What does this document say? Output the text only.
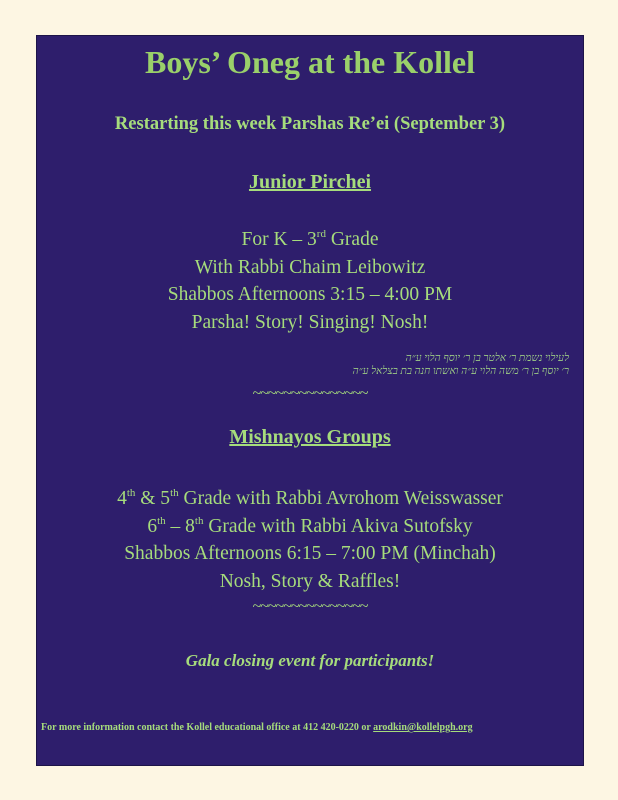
Boys’ Oneg at the Kollel
Restarting this week Parshas Re’ei (September 3)
Junior Pirchei
For K – 3rd Grade
With Rabbi Chaim Leibowitz
Shabbos Afternoons 3:15 – 4:00 PM
Parsha! Story! Singing! Nosh!
לעילוי נשמת ר׳ אלטר בן ר׳ יוסף הלוי ע״ה
ר׳ יוסף בן ר׳ משה הלוי ע״ה ואשתו חנה בת בצלאל ע״ה
~~~~~~~~~~~~~~~
Mishnayos Groups
4th & 5th Grade with Rabbi Avrohom Weisswasser
6th – 8th Grade with Rabbi Akiva Sutofsky
Shabbos Afternoons 6:15 – 7:00 PM (Minchah)
Nosh, Story & Raffles!
~~~~~~~~~~~~~~~
Gala closing event for participants!
For more information contact the Kollel educational office at 412 420-0220 or arodkin@kollelpgh.org
